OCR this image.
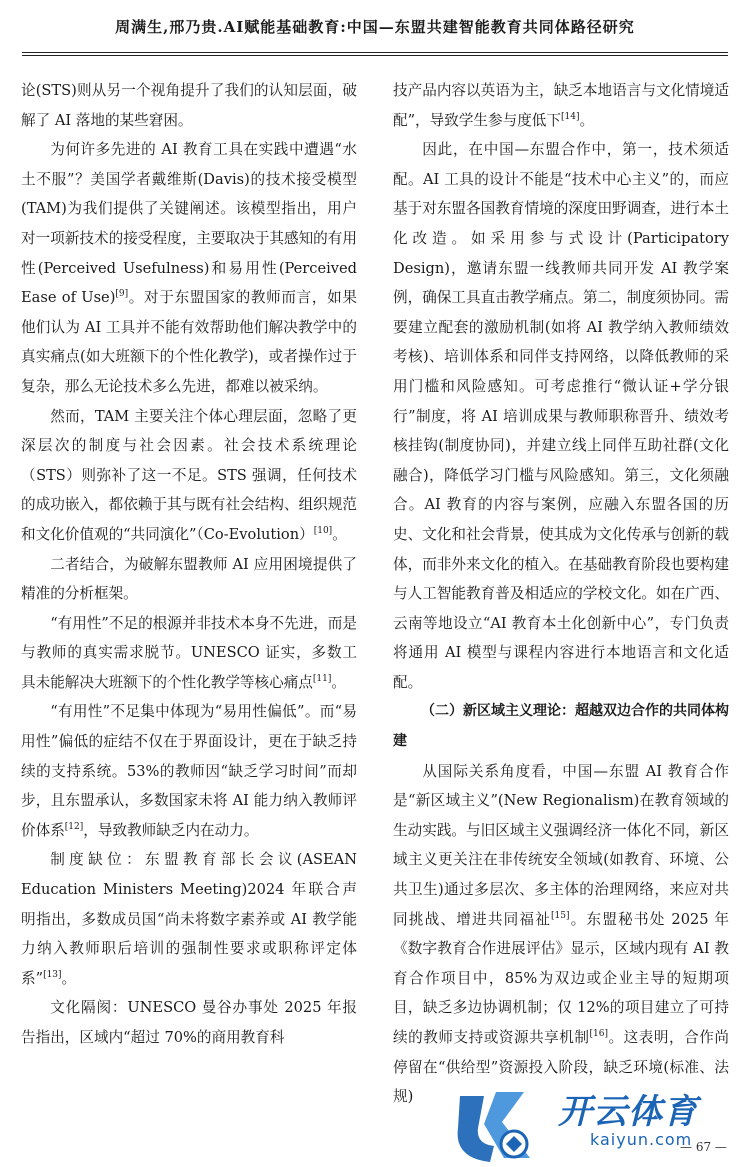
周满生,邢乃贵.AI赋能基础教育:中国—东盟共建智能教育共同体路径研究

论(STS)则从另一个视角提升了我们的认知层面，破解了 AI 落地的某些窘困。

为何许多先进的 AI 教育工具在实践中遭遇“水土不服”？美国学者戴维斯(Davis)的技术接受模型(TAM)为我们提供了关键阐述。该模型指出，用户对一项新技术的接受程度，主要取决于其感知的有用性(Perceived Usefulness)和易用性(Perceived Ease of Use)[9]。对于东盟国家的教师而言，如果他们认为 AI 工具并不能有效帮助他们解决教学中的真实痛点(如大班额下的个性化教学)，或者操作过于复杂，那么无论技术多么先进，都难以被采纳。

然而，TAM 主要关注个体心理层面，忽略了更深层次的制度与社会因素。社会技术系统理论（STS）则弥补了这一不足。STS 强调，任何技术的成功嵌入，都依赖于其与既有社会结构、组织规范和文化价值观的“共同演化”（Co-Evolution）[10]。

二者结合，为破解东盟教师 AI 应用困境提供了精准的分析框架。

“有用性”不足的根源并非技术本身不先进，而是与教师的真实需求脱节。UNESCO 证实，多数工具未能解决大班额下的个性化教学等核心痛点[11]。

“有用性”不足集中体现为“易用性偏低”。而“易用性”偏低的症结不仅在于界面设计，更在于缺乏持续的支持系统。53%的教师因“缺乏学习时间”而却步，且东盟承认，多数国家未将 AI 能力纳入教师评价体系[12]，导致教师缺乏内在动力。

制度缺位：东盟教育部长会议(ASEAN Education Ministers Meeting)2024 年联合声明指出，多数成员国“尚未将数字素养或 AI 教学能力纳入教师职后培训的强制性要求或职称评定体系”[13]。

文化隔阂：UNESCO 曼谷办事处 2025 年报告指出，区域内“超过 70%的商用教育科

技产品内容以英语为主，缺乏本地语言与文化情境适配”，导致学生参与度低下[14]。

因此，在中国—东盟合作中，第一，技术须适配。AI 工具的设计不能是“技术中心主义”的，而应基于对东盟各国教育情境的深度田野调查，进行本土化改造。如采用参与式设计(Participatory Design)，邀请东盟一线教师共同开发 AI 教学案例，确保工具直击教学痛点。第二，制度须协同。需要建立配套的激励机制(如将 AI 教学纳入教师绩效考核)、培训体系和同伴支持网络，以降低教师的采用门槛和风险感知。可考虑推行“微认证+学分银行”制度，将 AI 培训成果与教师职称晋升、绩效考核挂钩(制度协同)，并建立线上同伴互助社群(文化融合)，降低学习门槛与风险感知。第三，文化须融合。AI 教育的内容与案例，应融入东盟各国的历史、文化和社会背景，使其成为文化传承与创新的载体，而非外来文化的植入。在基础教育阶段也要构建与人工智能教育普及相适应的学校文化。如在广西、云南等地设立“AI 教育本土化创新中心”，专门负责将通用 AI 模型与课程内容进行本地语言和文化适配。

（二）新区域主义理论：超越双边合作的共同体构建

从国际关系角度看，中国—东盟 AI 教育合作是“新区域主义”(New Regionalism)在教育领域的生动实践。与旧区域主义强调经济一体化不同，新区域主义更关注在非传统安全领域(如教育、环境、公共卫生)通过多层次、多主体的治理网络，来应对共同挑战、增进共同福祉[15]。东盟秘书处 2025 年《数字教育合作进展评估》显示，区域内现有 AI 教育合作项目中，85%为双边或企业主导的短期项目，缺乏多边协调机制；仅 12%的项目建立了可持续的教师支持或资源共享机制[16]。这表明，合作尚停留在“供给型”资源投入阶段，缺乏环境(标准、法规)	开云体育
kaiyun.com
— 67 —
